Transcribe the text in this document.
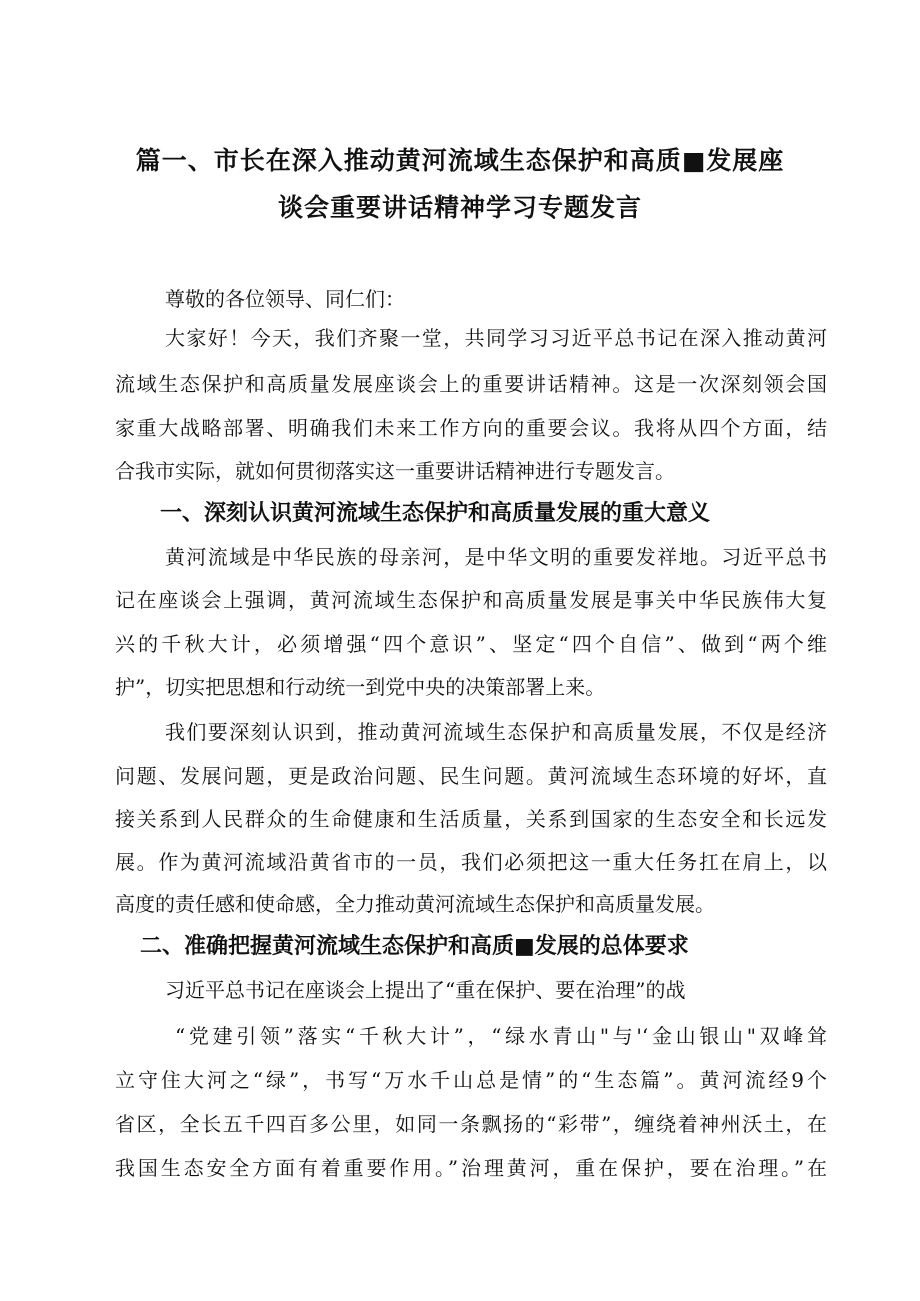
篇一、市长在深入推动黄河流域生态保护和高质■发展座
谈会重要讲话精神学习专题发言
尊敬的各位领导、同仁们：
大家好！今天，我们齐聚一堂，共同学习习近平总书记在深入推动黄河
流域生态保护和高质量发展座谈会上的重要讲话精神。这是一次深刻领会国
家重大战略部署、明确我们未来工作方向的重要会议。我将从四个方面，结
合我市实际，就如何贯彻落实这一重要讲话精神进行专题发言。
一、深刻认识黄河流域生态保护和高质量发展的重大意义
黄河流域是中华民族的母亲河，是中华文明的重要发祥地。习近平总书
记在座谈会上强调，黄河流域生态保护和高质量发展是事关中华民族伟大复
兴的千秋大计，必须增强“四个意识”、坚定“四个自信”、做到“两个维
护”，切实把思想和行动统一到党中央的决策部署上来。
我们要深刻认识到，推动黄河流域生态保护和高质量发展，不仅是经济
问题、发展问题，更是政治问题、民生问题。黄河流域生态环境的好坏，直
接关系到人民群众的生命健康和生活质量，关系到国家的生态安全和长远发
展。作为黄河流域沿黄省市的一员，我们必须把这一重大任务扛在肩上，以
高度的责任感和使命感，全力推动黄河流域生态保护和高质量发展。
二、准确把握黄河流域生态保护和高质■发展的总体要求
习近平总书记在座谈会上提出了“重在保护、要在治理”的战
“党建引领”落实“千秋大计”，“绿水青山"与'‘金山银山"双峰耸
立守住大河之“绿”，书写“万水千山总是情”的“生态篇”。黄河流经9个
省区，全长五千四百多公里，如同一条飘扬的“彩带”，缠绕着神州沃土，在
我国生态安全方面有着重要作用。”治理黄河，重在保护，要在治理。”在
